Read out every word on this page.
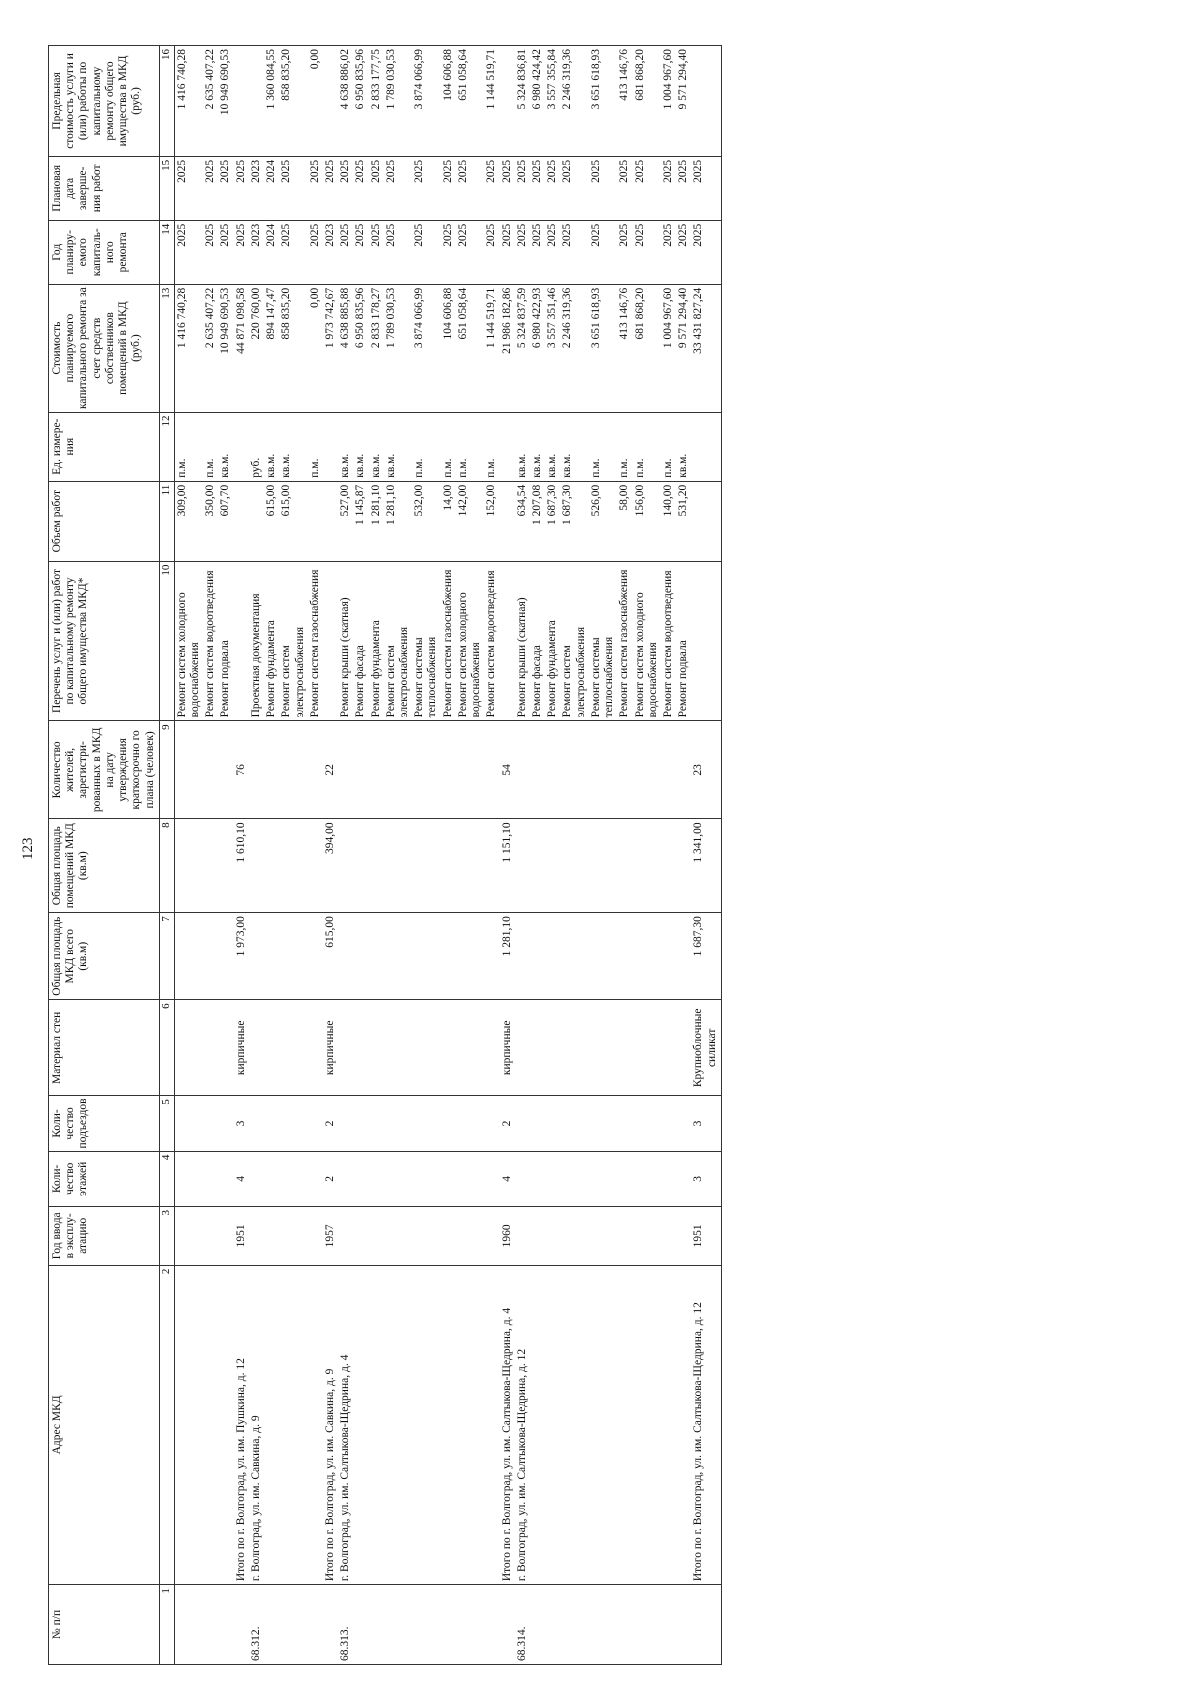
123
№ п/п	Адрес МКД	Год ввода в эксплу-атацию	Коли-чество этажей	Коли-чество подъездов	Материал стен	Общая площадь МКД всего (кв.м)	Общая площадь помещений МКД (кв.м)	Количество жителей, зарегистри-рованных в МКД на дату утверждения краткосрочно го плана (человек)	Перечень услуг и (или) работ по капитальному ремонту общего имущества МКД*	Объем работ	Ед. измере-ния	Стоимость планируемого капитального ремонта за счет средств собственников помещений в МКД (руб.)	Год планиру-емого капиталь-ного ремонта	Плановая дата заверше-ния работ	Предельная стоимость услуги и (или) работы по капитальному ремонту общего имущества в МКД (руб.)
1	2	3	4	5	6	7	8	9	10	11	12	13	14	15	16
									Ремонт систем холодного водоснабжения	309,00	п.м.	1 416 740,28	2025	2025	1 416 740,28
									Ремонт систем водоотведения	350,00	п.м.	2 635 407,22	2025	2025	2 635 407,22
									Ремонт подвала	607,70	кв.м.	10 949 690,53	2025	2025	10 949 690,53
	Итого по г. Волгоград, ул. им. Пушкина, д. 12	1951	4	3	кирпичные	1 973,00	1 610,10	76				44 871 098,58	2025	2025	
68.312.	г. Волгоград, ул. им. Савкина, д. 9								Проектная документация		руб.	220 760,00	2023	2023	
									Ремонт фундамента	615,00	кв.м.	894 147,47	2024	2024	1 360 084,55
									Ремонт систем электроснабжения	615,00	кв.м.	858 835,20	2025	2025	858 835,20
									Ремонт систем газоснабжения		п.м.	0,00	2025	2025	0,00
	Итого по г. Волгоград, ул. им. Савкина, д. 9	1957	2	2	кирпичные	615,00	394,00	22				1 973 742,67	2023	2025	
68.313.	г. Волгоград, ул. им. Салтыкова-Щедрина, д. 4								Ремонт крыши (скатная)	527,00	кв.м.	4 638 885,88	2025	2025	4 638 886,02
									Ремонт фасада	1 145,87	кв.м.	6 950 835,96	2025	2025	6 950 835,96
									Ремонт фундамента	1 281,10	кв.м.	2 833 178,27	2025	2025	2 833 177,75
									Ремонт систем электроснабжения	1 281,10	кв.м.	1 789 030,53	2025	2025	1 789 030,53
									Ремонт системы теплоснабжения	532,00	п.м.	3 874 066,99	2025	2025	3 874 066,99
									Ремонт систем газоснабжения	14,00	п.м.	104 606,88	2025	2025	104 606,88
									Ремонт систем холодного водоснабжения	142,00	п.м.	651 058,64	2025	2025	651 058,64
									Ремонт систем водоотведения	152,00	п.м.	1 144 519,71	2025	2025	1 144 519,71
	Итого по г. Волгоград, ул. им. Салтыкова-Щедрина, д. 4	1960	4	2	кирпичные	1 281,10	1 151,10	54				21 986 182,86	2025	2025	
68.314.	г. Волгоград, ул. им. Салтыкова-Щедрина, д. 12								Ремонт крыши (скатная)	634,54	кв.м.	5 324 837,59	2025	2025	5 324 836,81
									Ремонт фасада	1 207,08	кв.м.	6 980 422,93	2025	2025	6 980 424,42
									Ремонт фундамента	1 687,30	кв.м.	3 557 351,46	2025	2025	3 557 355,84
									Ремонт систем электроснабжения	1 687,30	кв.м.	2 246 319,36	2025	2025	2 246 319,36
									Ремонт системы теплоснабжения	526,00	п.м.	3 651 618,93	2025	2025	3 651 618,93
									Ремонт систем газоснабжения	58,00	п.м.	413 146,76	2025	2025	413 146,76
									Ремонт систем холодного водоснабжения	156,00	п.м.	681 868,20	2025	2025	681 868,20
									Ремонт систем водоотведения	140,00	п.м.	1 004 967,60	2025	2025	1 004 967,60
									Ремонт подвала	531,20	кв.м.	9 571 294,40	2025	2025	9 571 294,40
	Итого по г. Волгоград, ул. им. Салтыкова-Щедрина, д. 12	1951	3	3	Крупноблочные силикат	1 687,30	1 341,00	23				33 431 827,24	2025	2025	
